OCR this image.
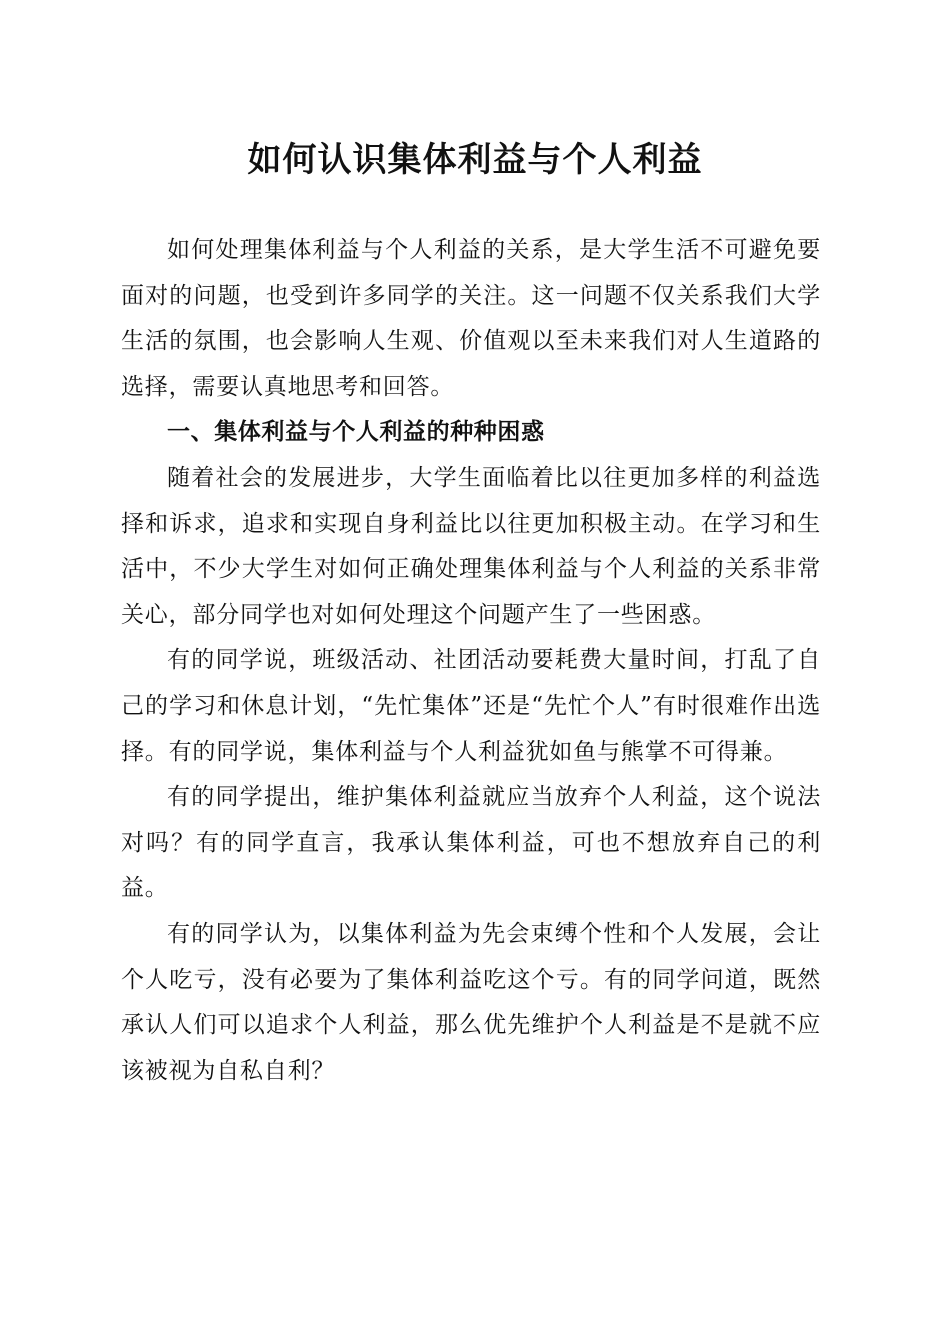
如何认识集体利益与个人利益

如何处理集体利益与个人利益的关系，是大学生活不可避免要面对的问题，也受到许多同学的关注。这一问题不仅关系我们大学生活的氛围，也会影响人生观、价值观以至未来我们对人生道路的选择，需要认真地思考和回答。

一、集体利益与个人利益的种种困惑

随着社会的发展进步，大学生面临着比以往更加多样的利益选择和诉求，追求和实现自身利益比以往更加积极主动。在学习和生活中，不少大学生对如何正确处理集体利益与个人利益的关系非常关心，部分同学也对如何处理这个问题产生了一些困惑。

有的同学说，班级活动、社团活动要耗费大量时间，打乱了自己的学习和休息计划，“先忙集体”还是“先忙个人”有时很难作出选择。有的同学说，集体利益与个人利益犹如鱼与熊掌不可得兼。

有的同学提出，维护集体利益就应当放弃个人利益，这个说法对吗？有的同学直言，我承认集体利益，可也不想放弃自己的利益。

有的同学认为，以集体利益为先会束缚个性和个人发展，会让个人吃亏，没有必要为了集体利益吃这个亏。有的同学问道，既然承认人们可以追求个人利益，那么优先维护个人利益是不是就不应该被视为自私自利？
